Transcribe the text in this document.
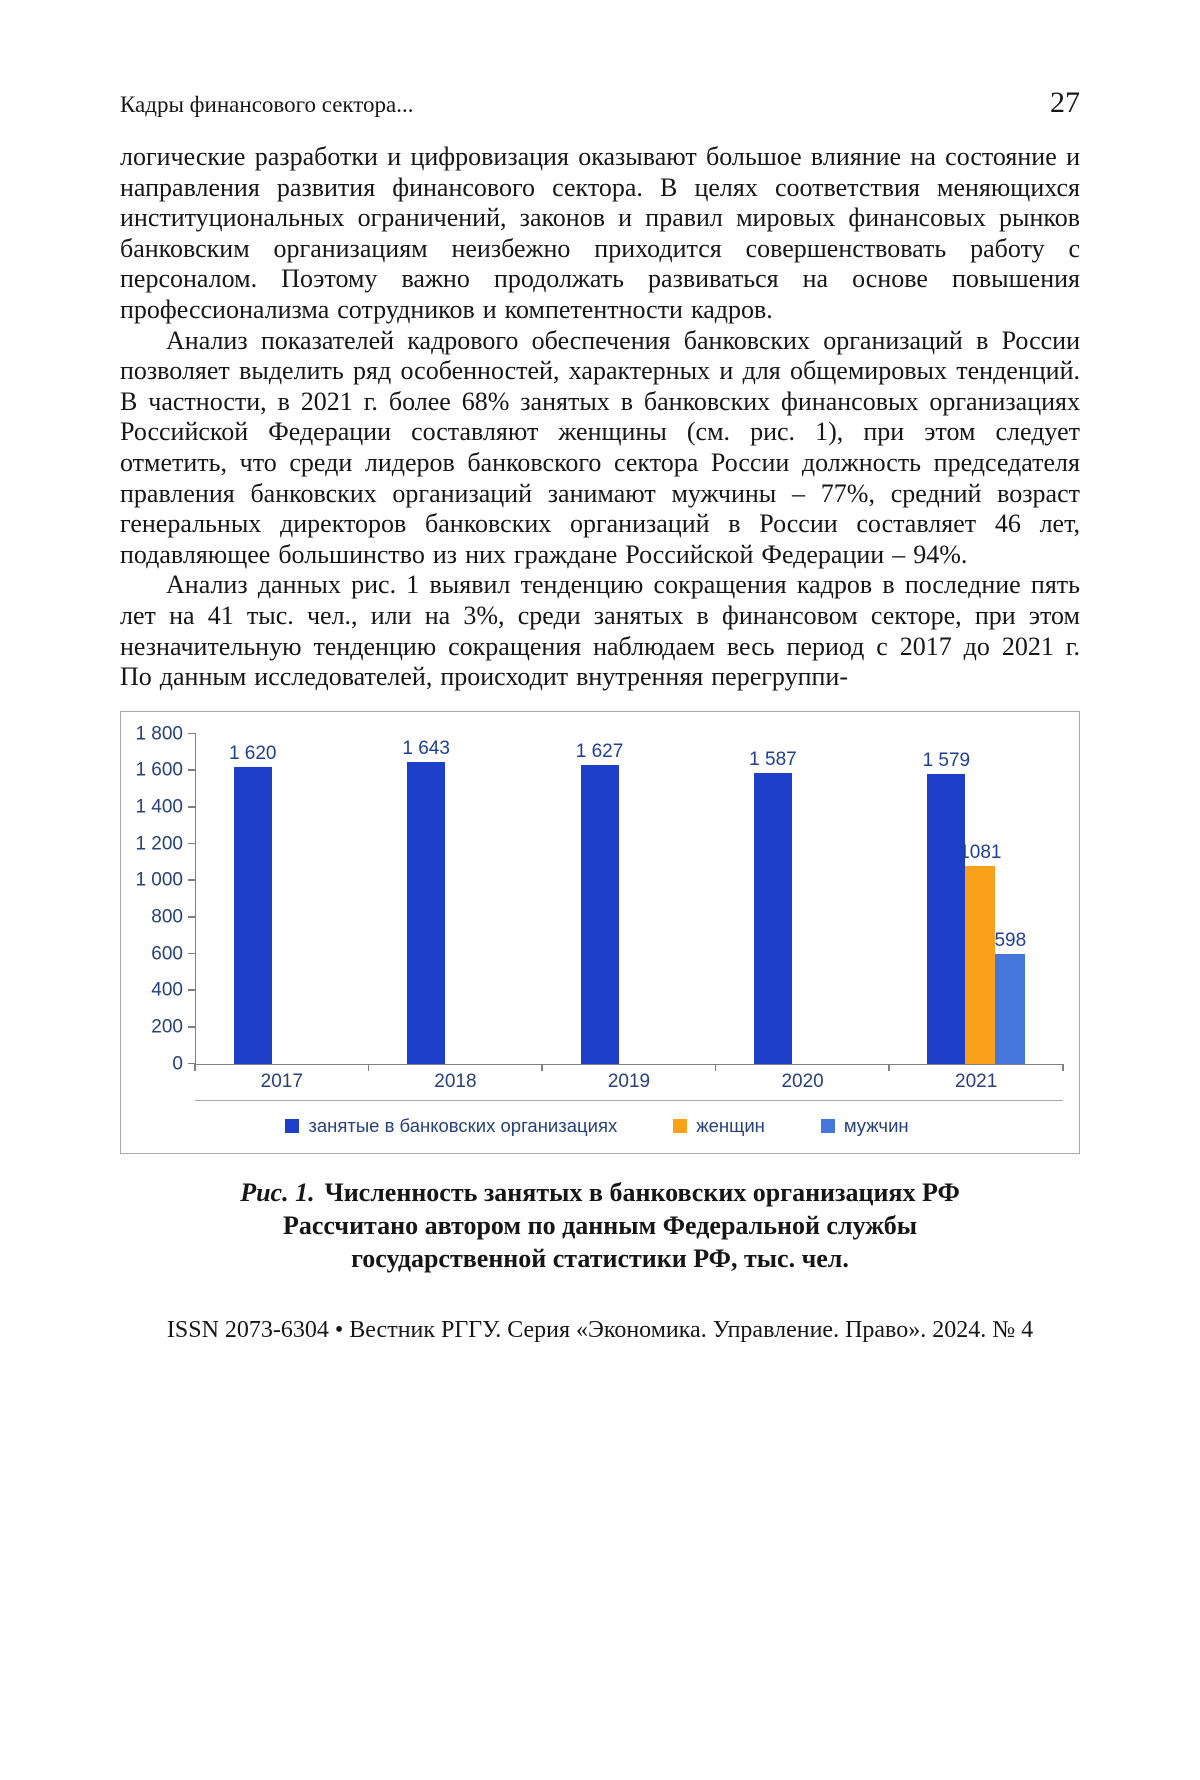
Кадры финансового сектора...	27

логические разработки и цифровизация оказывают большое влияние на состояние и направления развития финансового сектора. В целях соответствия меняющихся институциональных ограничений, законов и правил мировых финансовых рынков банковским организациям неизбежно приходится совершенствовать работу с персоналом. Поэтому важно продолжать развиваться на основе повышения профессионализма сотрудников и компетентности кадров.

Анализ показателей кадрового обеспечения банковских организаций в России позволяет выделить ряд особенностей, характерных и для общемировых тенденций. В частности, в 2021 г. более 68% занятых в банковских финансовых организациях Российской Федерации составляют женщины (см. рис. 1), при этом следует отметить, что среди лидеров банковского сектора России должность председателя правления банковских организаций занимают мужчины – 77%, средний возраст генеральных директоров банковских организаций в России составляет 46 лет, подавляющее большинство из них граждане Российской Федерации – 94%.

Анализ данных рис. 1 выявил тенденцию сокращения кадров в последние пять лет на 41 тыс. чел., или на 3%, среди занятых в финансовом секторе, при этом незначительную тенденцию сокращения наблюдаем весь период с 2017 до 2021 г. По данным исследователей, происходит внутренняя перегруппи-

1 800
1 600
1 400
1 200
1 000
800
600
400
200
0
1 620	1 643	1 627	1 587	1 579
1081
598
2017	2018	2019	2020	2021
занятые в банковских организациях	женщин	мужчин
Рис. 1. Численность занятых в банковских организациях РФ
Рассчитано автором по данным Федеральной службы
государственной статистики РФ, тыс. чел.
ISSN 2073-6304 • Вестник РГГУ. Серия «Экономика. Управление. Право». 2024. № 4
